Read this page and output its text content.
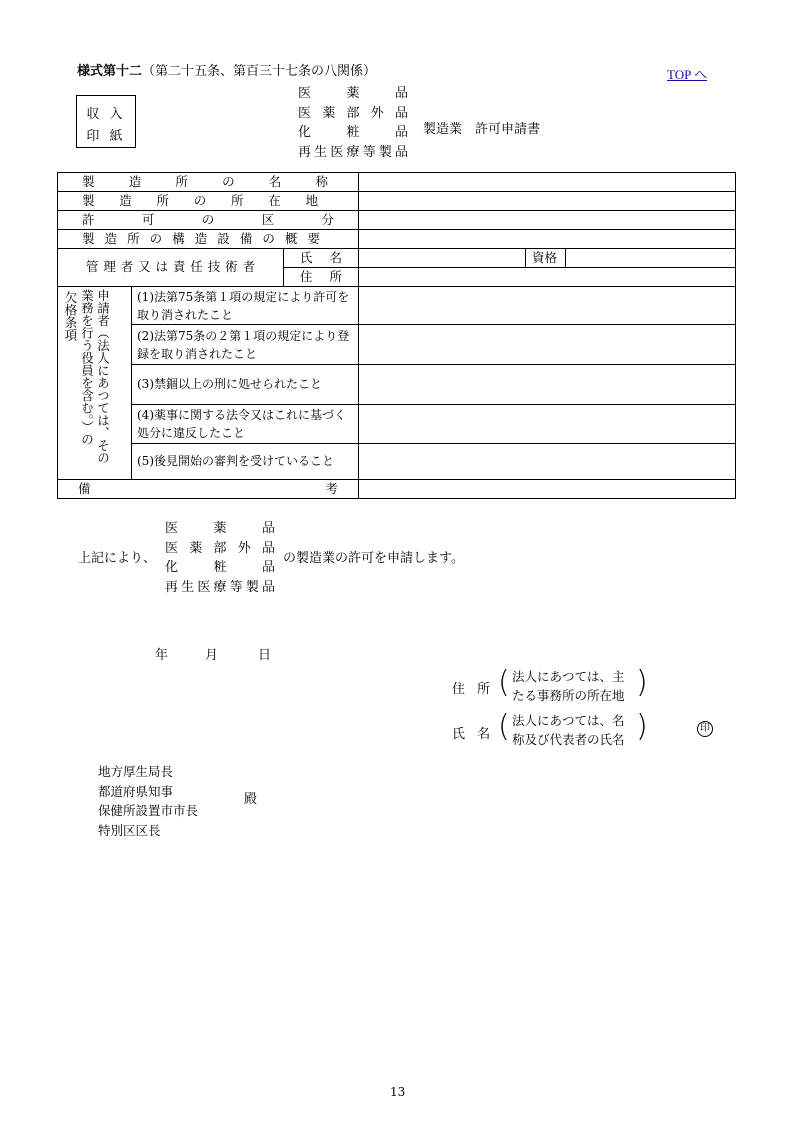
様式第十二（第二十五条、第百三十七条の八関係）	TOP へ
収 入
印 紙
医薬品
医薬部外品
化粧品
再生医療等製品
製造業　許可申請書
製造所の名称					

製造所の所在地					

許可の区分					

製造所の構造設備の概要					

管理者又は責任技術者		氏 名		資格	

		住 所			

申請者（法人にあつては、その業務を行う役員を含む。）の
欠格条項	(1)法第75条第１項の規定により許可を取り消されたこと				
	(2)法第75条の２第１項の規定により登録を取り消されたこと				
	(3)禁錮以上の刑に処せられたこと				
	(4)薬事に関する法令又はこれに基づく処分に違反したこと				
	(5)後見開始の審判を受けていること				

備 考					

上記により、
医薬品
医薬部外品
化粧品
再生医療等製品
の製造業の許可を申請します。
年	月	日
住 所 ( 法人にあつては、主
たる事務所の所在地 )
氏 名 ( 法人にあつては、名
称及び代表者の氏名 )	印
地方厚生局長
都道府県知事
保健所設置市市長
特別区区長
殿
13
